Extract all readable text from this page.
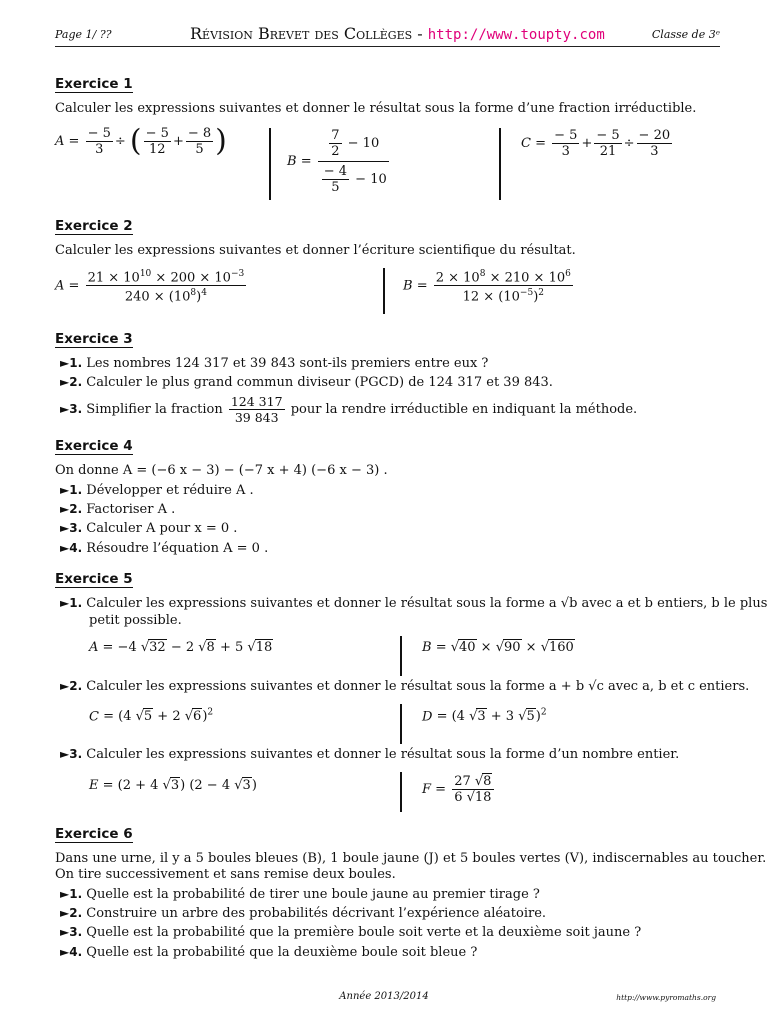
Page 1/ ??	Révision Brevet des Collèges - http://www.toupty.com	Classe de 3ᵉ
Exercice 1
Calculer les expressions suivantes et donner le résultat sous la forme d’une fraction irréductible.
$A = \frac{- 5}{3}$ ÷ ( $\frac{- 5}{12} + \frac{- 8}{5}$ )
$B = \frac{\frac{7}{2} - 10}{\frac{- 4}{5} - 10}$	$C = \frac{- 5}{3} + \frac{- 5}{21} \div \frac{- 20}{3}$
Exercice 2
Calculer les expressions suivantes et donner l’écriture scientifique du résultat.
$A = \frac{21 \times 10^{10} \times 200 \times 10^{-3}}{240 \times (10^8)^4}$	$B = \frac{2 \times 10^8 \times 210 \times 10^6}{12 \times (10^{-5})^2}$
Exercice 3
►1. Les nombres 124 317 et 39 843 sont-ils premiers entre eux ?
►2. Calculer le plus grand commun diviseur (PGCD) de 124 317 et 39 843.
►3. Simplifier la fraction $\frac{124 317}{39 843}$ pour la rendre irréductible en indiquant la méthode.
Exercice 4
On donne A = (−6 x − 3) − (−7 x + 4) (−6 x − 3) .
►1. Développer et réduire A .
►2. Factoriser A .
►3. Calculer A pour x = 0 .
►4. Résoudre l’équation A = 0 .
Exercice 5
►1. Calculer les expressions suivantes et donner le résultat sous la forme a √b avec a et b entiers, b le plus
petit possible.
A = −4 √32 − 2 √8 + 5 √18	B = √40 × √90 × √160
►2. Calculer les expressions suivantes et donner le résultat sous la forme a + b √c avec a, b et c entiers.
C = (4 √5 + 2 √6)$^2$	D = (4 √3 + 3 √5)$^2$
►3. Calculer les expressions suivantes et donner le résultat sous la forme d’un nombre entier.
E = (2 + 4 √3) (2 − 4 √3)	$F = \frac{27 √8}{6 √18}$
Exercice 6
Dans une urne, il y a 5 boules bleues (B), 1 boule jaune (J) et 5 boules vertes (V), indiscernables au toucher.
On tire successivement et sans remise deux boules.
►1. Quelle est la probabilité de tirer une boule jaune au premier tirage ?
►2. Construire un arbre des probabilités décrivant l’expérience aléatoire.
►3. Quelle est la probabilité que la première boule soit verte et la deuxième soit jaune ?
►4. Quelle est la probabilité que la deuxième boule soit bleue ?
Année 2013/2014	http://www.pyromaths.org
